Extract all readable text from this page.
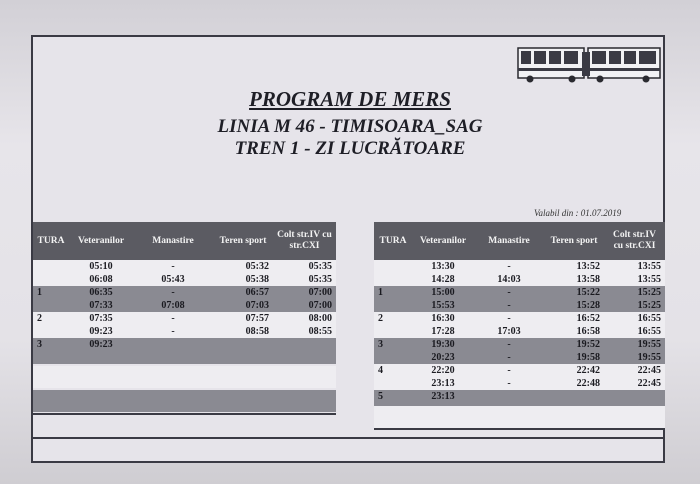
PROGRAM DE MERS
LINIA M 46 - TIMISOARA_SAG
TREN 1 - ZI LUCRĂTOARE
Valabil din : 01.07.2019
TURA	Veteranilor	Manastire	Teren sport	Colt str.IV cu str.CXI
	05:10	-	05:32	05:35
	06:08	05:43	05:38	05:35
1	06:35	-	06:57	07:00
	07:33	07:08	07:03	07:00
2	07:35	-	07:57	08:00
	09:23	-	08:58	08:55
3	09:23			

TURA	Veteranilor	Manastire	Teren sport	Colt str.IV cu str.CXI
	13:30	-	13:52	13:55
	14:28	14:03	13:58	13:55
1	15:00	-	15:22	15:25
	15:53	-	15:28	15:25
2	16:30	-	16:52	16:55
	17:28	17:03	16:58	16:55
3	19:30	-	19:52	19:55
	20:23	-	19:58	19:55
4	22:20	-	22:42	22:45
	23:13	-	22:48	22:45
5	23:13			
